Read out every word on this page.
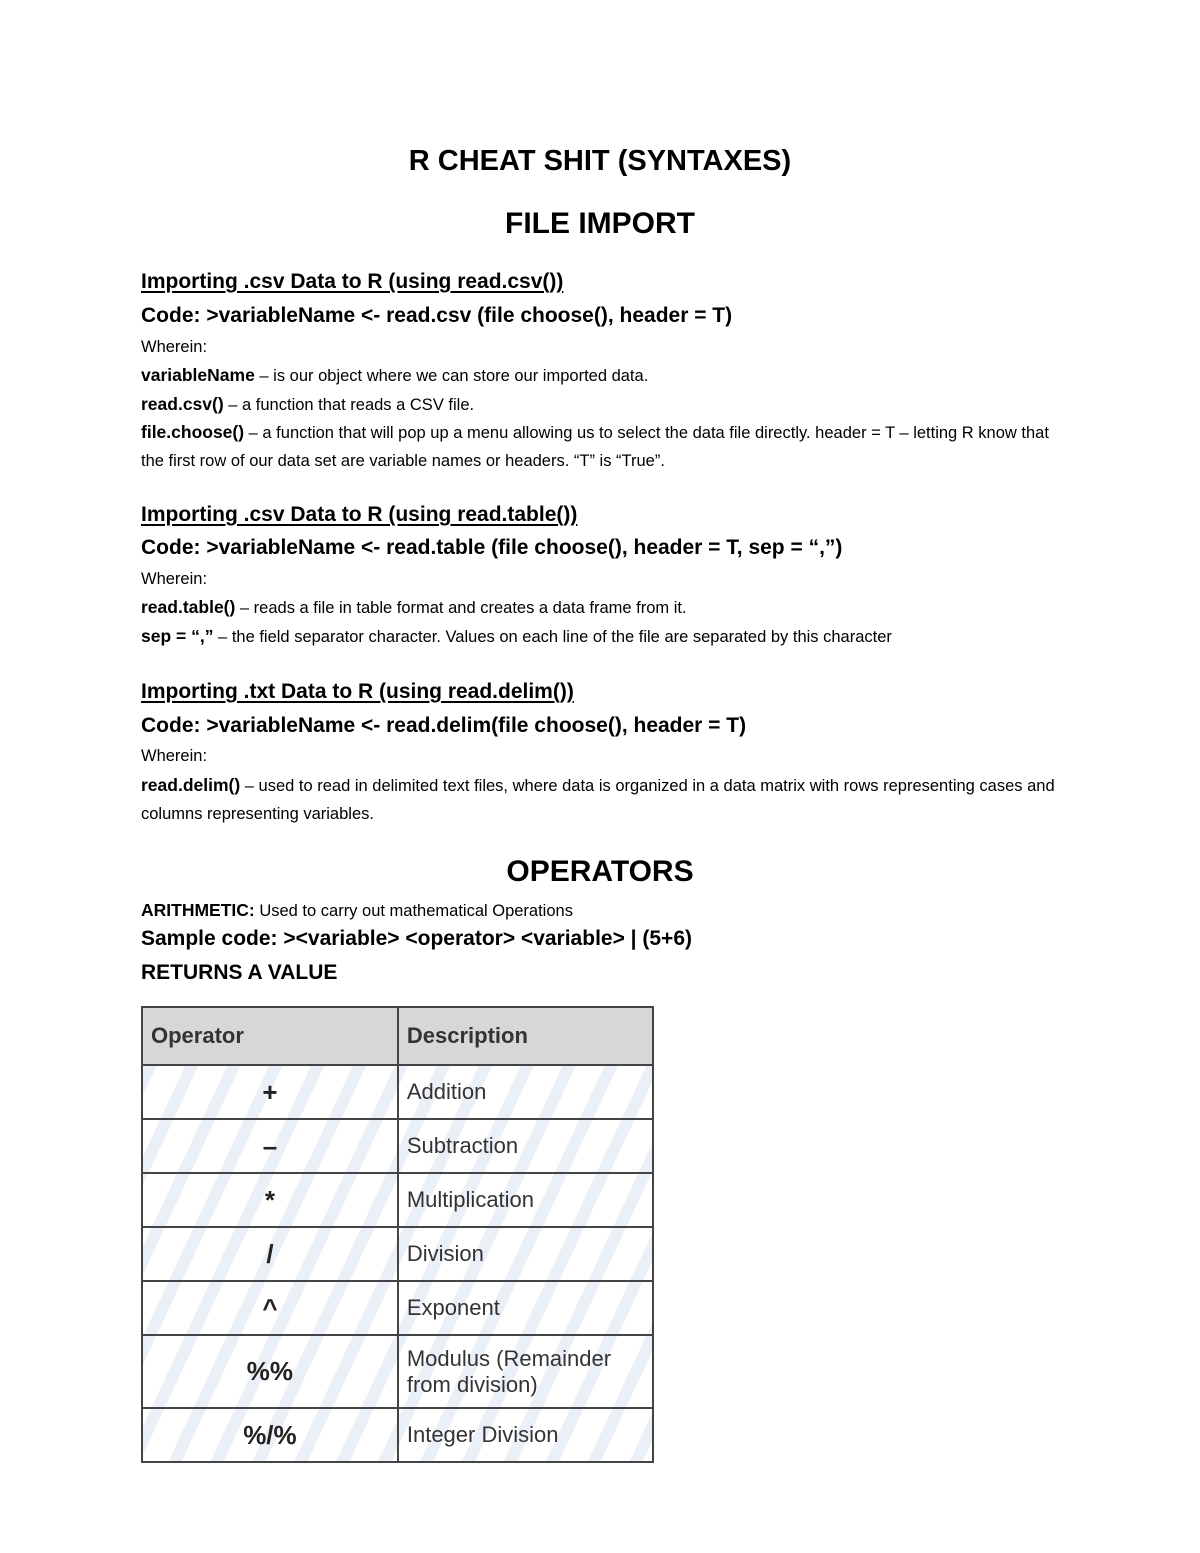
R CHEAT SHIT (SYNTAXES)
FILE IMPORT
Importing .csv Data to R (using read.csv())
Code: >variableName <- read.csv (file choose(), header = T)
Wherein:
variableName – is our object where we can store our imported data.
read.csv() – a function that reads a CSV file.
file.choose() – a function that will pop up a menu allowing us to select the data file directly. header = T – letting R know that the first row of our data set are variable names or headers. “T” is “True”.
Importing .csv Data to R (using read.table())
Code: >variableName <- read.table (file choose(), header = T, sep = “,”)
Wherein:
read.table() – reads a file in table format and creates a data frame from it.
sep = “,” – the field separator character. Values on each line of the file are separated by this character
Importing .txt Data to R (using read.delim())
Code: >variableName <- read.delim(file choose(), header = T)
Wherein:
read.delim() – used to read in delimited text files, where data is organized in a data matrix with rows representing cases and columns representing variables.
OPERATORS
ARITHMETIC: Used to carry out mathematical Operations
Sample code: ><variable> <operator> <variable> | (5+6)
RETURNS A VALUE
Operator	Description
+	Addition
–	Subtraction
*	Multiplication
/	Division
^	Exponent
%%	Modulus (Remainder from division)
%/%	Integer Division
